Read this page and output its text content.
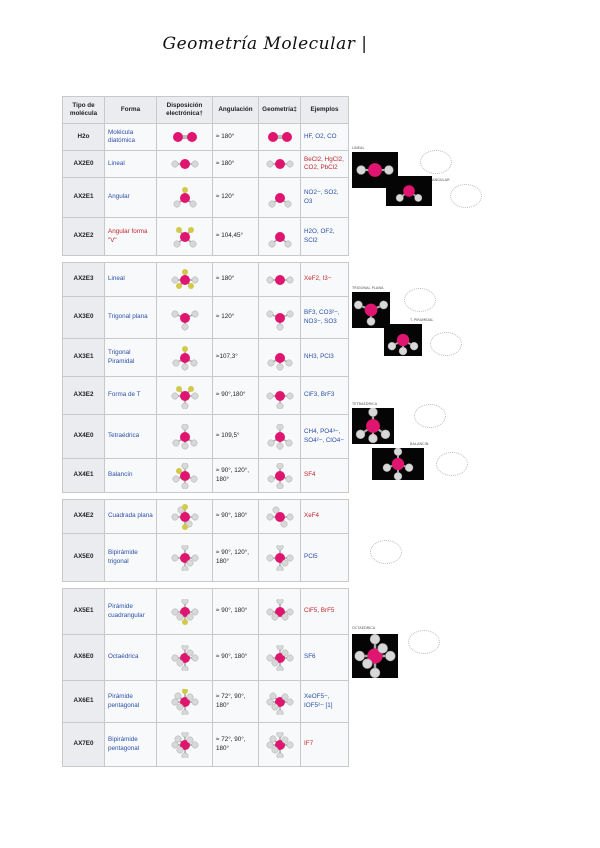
Geometría Molecular |
Tipo de molécula	Forma	Disposición electrónica†	Angulación	Geometría‡	Ejemplos
H2o	Molécula diatómica		≈ 180°		HF, O2, CO
AX2E0	Lineal		≈ 180°		BeCl2, HgCl2, CO2, PbCl2
AX2E1	Angular		≈ 120°		NO2−, SO2, O3
AX2E2	Angular forma "V"		≈ 104,45°		H2O, OF2, SCl2

AX2E3	Lineal		≈ 180°		XeF2, I3−
AX3E0	Trigonal plana		≈ 120°		BF3, CO3²−, NO3−, SO3
AX3E1	Trigonal Piramidal		≈107,3°		NH3, PCl3
AX3E2	Forma de T		≈ 90°,180°		ClF3, BrF3
AX4E0	Tetraédrica		≈ 109,5°		CH4, PO4³−, SO4²−, ClO4−
AX4E1	Balancín		≈ 90°, 120°, 180°		SF4

AX4E2	Cuadrada plana		≈ 90°, 180°		XeF4
AX5E0	Bipirámide trigonal		≈ 90°, 120°, 180°		PCl5

AX5E1	Pirámide cuadrangular		≈ 90°, 180°		ClF5, BrF5
AX6E0	Octaédrica		≈ 90°, 180°		SF6
AX6E1	Pirámide pentagonal		≈ 72°, 90°, 180°		XeOF5−, IOF5²− [1]
AX7E0	Bipirámide pentagonal		≈ 72°, 90°, 180°		IF7
LINEAL
ANGULAR
TRIGONAL PLANA
T. PIRAMIDAL
TETRAEDRICA
BALANCIN
OCTAEDRICA
